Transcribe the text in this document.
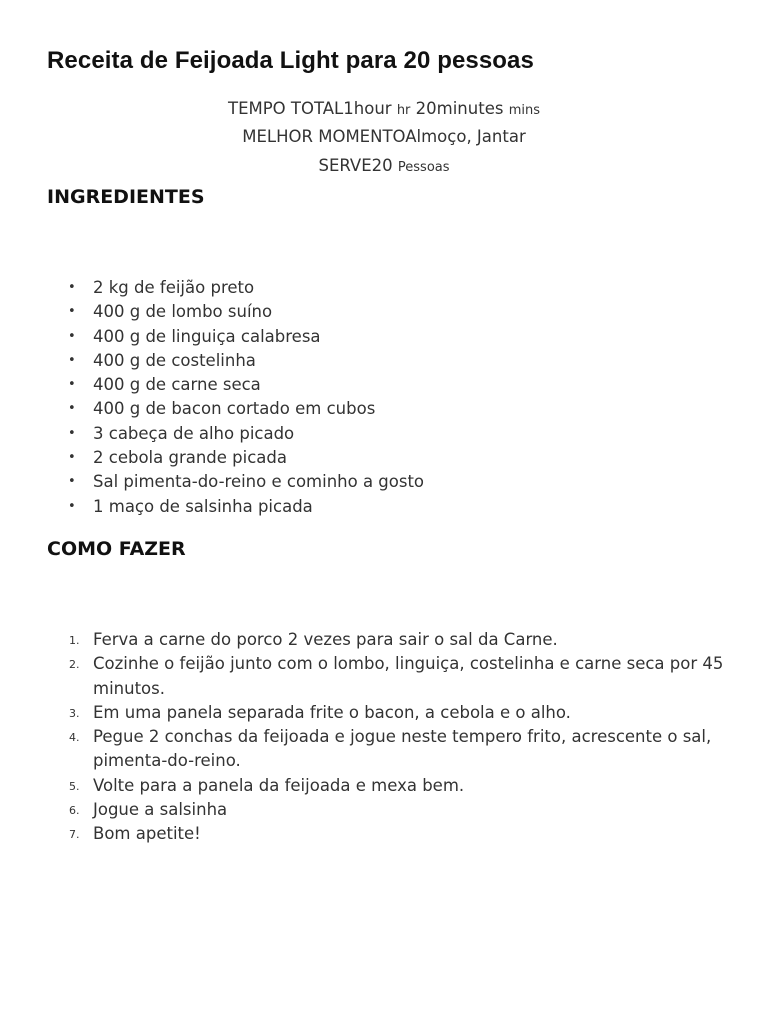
Receita de Feijoada Light para 20 pessoas
TEMPO TOTAL1hour hr 20minutes mins
MELHOR MOMENTOAlmoço, Jantar
SERVE20 Pessoas
INGREDIENTES
• 2 kg de feijão preto
• 400 g de lombo suíno
• 400 g de linguiça calabresa
• 400 g de costelinha
• 400 g de carne seca
• 400 g de bacon cortado em cubos
• 3 cabeça de alho picado
• 2 cebola grande picada
• Sal pimenta-do-reino e cominho a gosto
• 1 maço de salsinha picada
COMO FAZER
1. Ferva a carne do porco 2 vezes para sair o sal da Carne.
2. Cozinhe o feijão junto com o lombo, linguiça, costelinha e carne seca por 45 minutos.
3. Em uma panela separada frite o bacon, a cebola e o alho.
4. Pegue 2 conchas da feijoada e jogue neste tempero frito, acrescente o sal, pimenta-do-reino.
5. Volte para a panela da feijoada e mexa bem.
6. Jogue a salsinha
7. Bom apetite!
